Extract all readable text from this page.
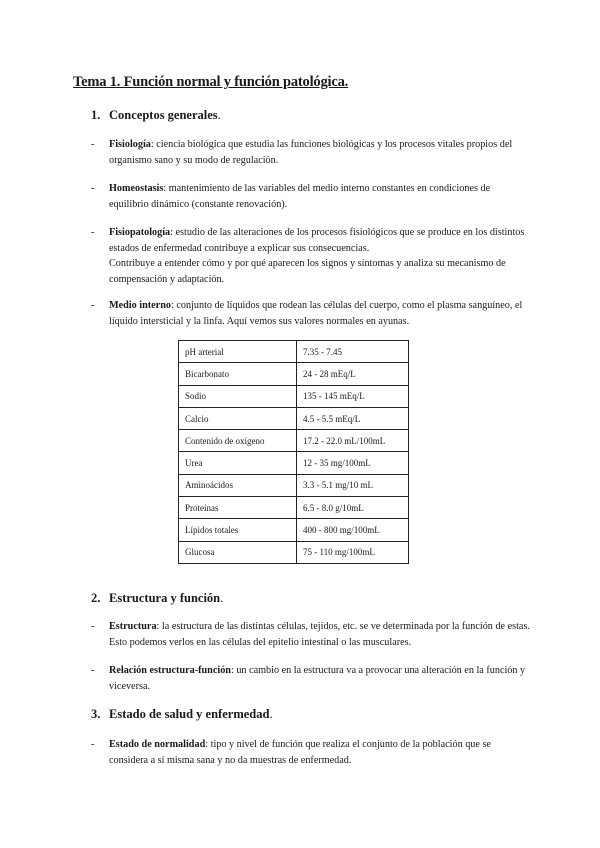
Tema 1. Función normal y función patológica.
1. Conceptos generales.
- Fisiología: ciencia biológica que estudia las funciones biológicas y los procesos vitales propios del organismo sano y su modo de regulación.
- Homeostasis: mantenimiento de las variables del medio interno constantes en condiciones de equilibrio dinámico (constante renovación).
- Fisiopatología: estudio de las alteraciones de los procesos fisiológicos que se produce en los distintos estados de enfermedad contribuye a explicar sus consecuencias.
Contribuye a entender cómo y por qué aparecen los signos y síntomas y analiza su mecanismo de compensación y adaptación.
- Medio interno: conjunto de líquidos que rodean las células del cuerpo, como el plasma sanguíneo, el líquido intersticial y la linfa. Aquí vemos sus valores normales en ayunas.
pH arterial	7.35 - 7.45
Bicarbonato	24 - 28 mEq/L
Sodio	135 - 145 mEq/L
Calcio	4.5 - 5.5 mEq/L
Contenido de oxígeno	17.2 - 22.0 mL/100mL
Urea	12 - 35 mg/100mL
Aminoácidos	3.3 - 5.1 mg/10 mL
Proteínas	6.5 - 8.0 g/10mL
Lípidos totales	400 - 800 mg/100mL
Glucosa	75 - 110 mg/100mL
2. Estructura y función.
- Estructura: la estructura de las distintas células, tejidos, etc. se ve determinada por la función de estas. Esto podemos verlos en las células del epitelio intestinal o las musculares.
- Relación estructura-función: un cambio en la estructura va a provocar una alteración en la función y viceversa.
3. Estado de salud y enfermedad.
- Estado de normalidad: tipo y nivel de función que realiza el conjunto de la población que se considera a sí misma sana y no da muestras de enfermedad.
